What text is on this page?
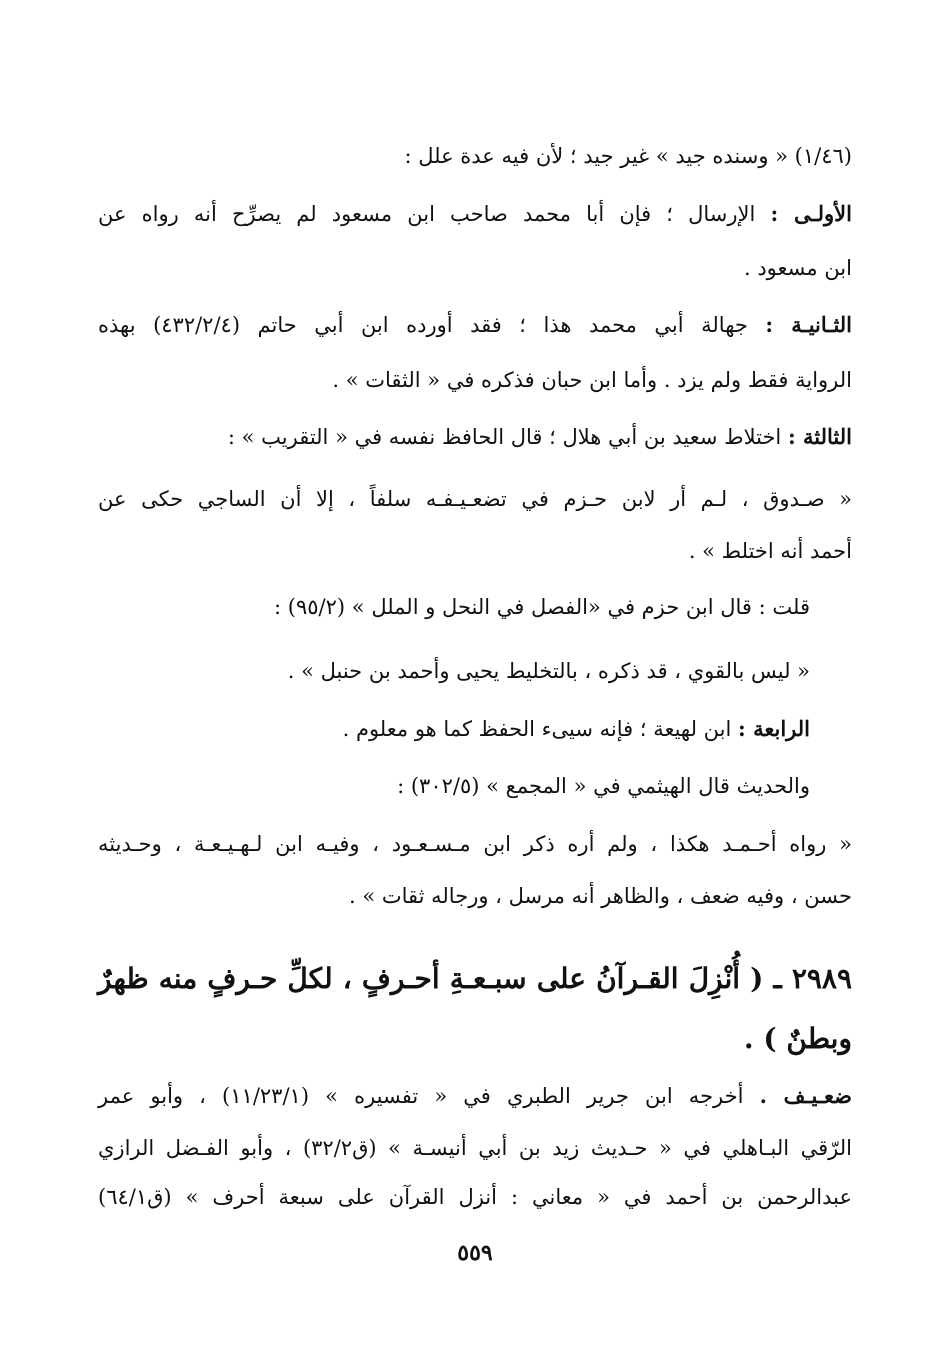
(١/٤٦) « وسنده جيد » غير جيد ؛ لأن فيه عدة علل :
الأولـى : الإرسال ؛ فإن أبا محمد صاحب ابن مسعود لم يصرِّح أنه رواه عن
ابن مسعود .
الثـانيـة : جهالة أبي محمد هذا ؛ فقد أورده ابن أبي حاتم (٤٣٢/٢/٤) بهذه
الرواية فقط ولم يزد . وأما ابن حبان فذكره في « الثقات » .
الثالثة : اختلاط سعيد بن أبي هلال ؛ قال الحافظ نفسه في « التقريب » :
« صـدوق ، لـم أر لابن حـزم في تضعـيـفـه سلفاً ، إلا أن الساجي حكى عن
أحمد أنه اختلط » .
قلت : قال ابن حزم في «الفصل في النحل و الملل » (٩٥/٢) :
« ليس بالقوي ، قد ذكره ، بالتخليط يحيى وأحمد بن حنبل » .
الرابعة : ابن لهيعة ؛ فإنه سيىء الحفظ كما هو معلوم .
والحديث قال الهيثمي في « المجمع » (٣٠٢/٥) :
« رواه أحـمـد هكذا ، ولم أره ذكر ابن مـسـعـود ، وفيـه ابن لـهـيـعـة ، وحـديثه
حسن ، وفيه ضعف ، والظاهر أنه مرسل ، ورجاله ثقات » .
٢٩٨٩ ـ ( أُنْزِلَ القـرآنُ على سبـعـةِ أحـرفٍ ، لكلِّ حـرفٍ منه ظهرٌ
وبطنٌ ) .
ضعـيـف . أخرجه ابن جرير الطبري في « تفسيره » (١١/٢٣/١) ، وأبو عمر
الرّقي البـاهلي في « حـديث زيد بن أبي أنيسـة » (ق٣٢/٢) ، وأبو الفـضل الرازي
عبدالرحمن بن أحمد في « معاني : أنزل القرآن على سبعة أحرف » (ق٦٤/١)
٥٥٩
